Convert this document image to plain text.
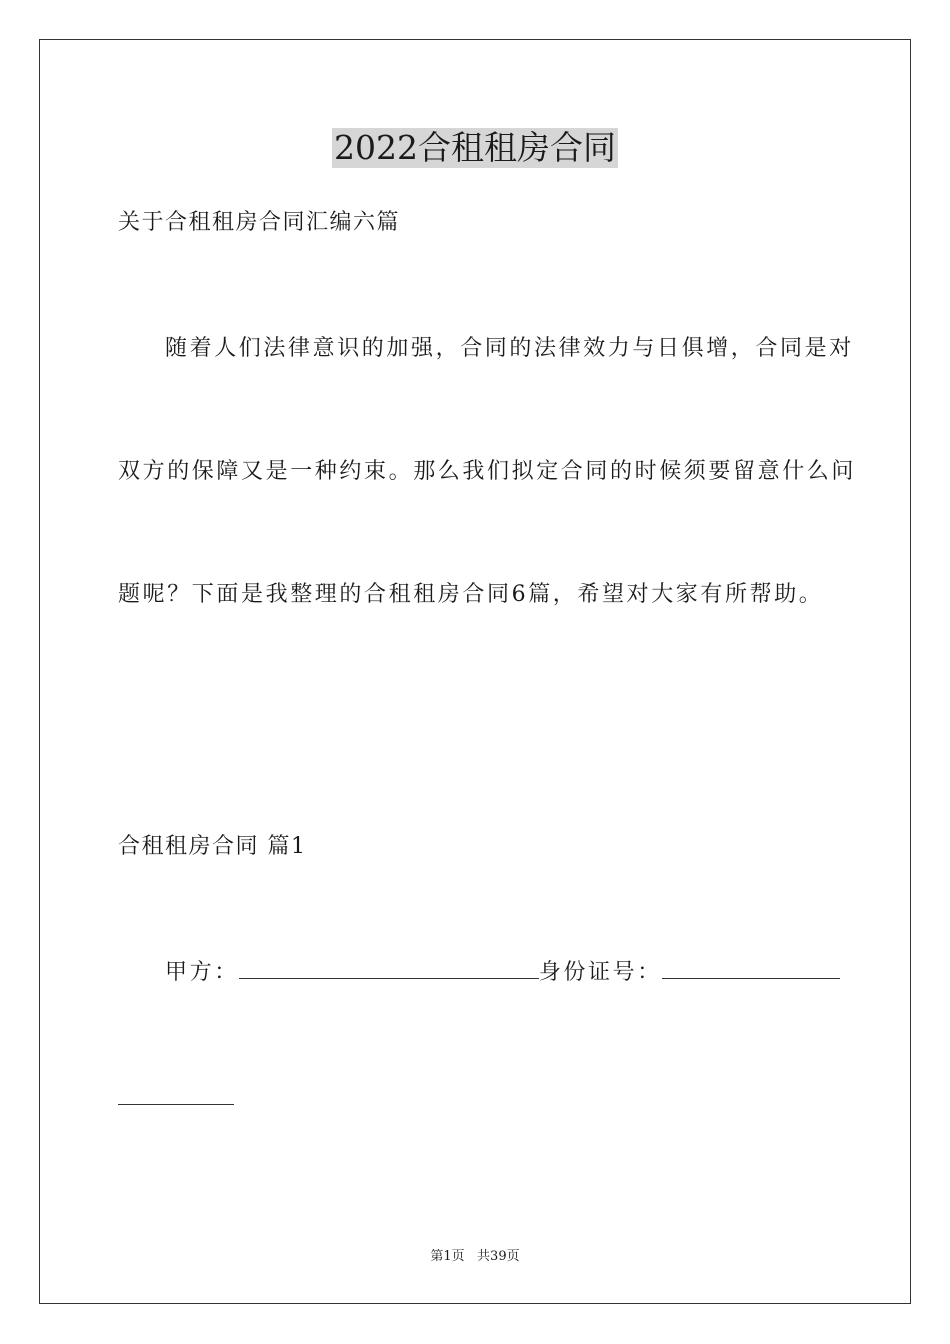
2022合租租房合同
关于合租租房合同汇编六篇
随着人们法律意识的加强，合同的法律效力与日俱增，合同是对
双方的保障又是一种约束。那么我们拟定合同的时候须要留意什么问
题呢？下面是我整理的合租租房合同6篇，希望对大家有所帮助。
合租租房合同 篇1
甲方：	身份证号：
第1页   共39页
